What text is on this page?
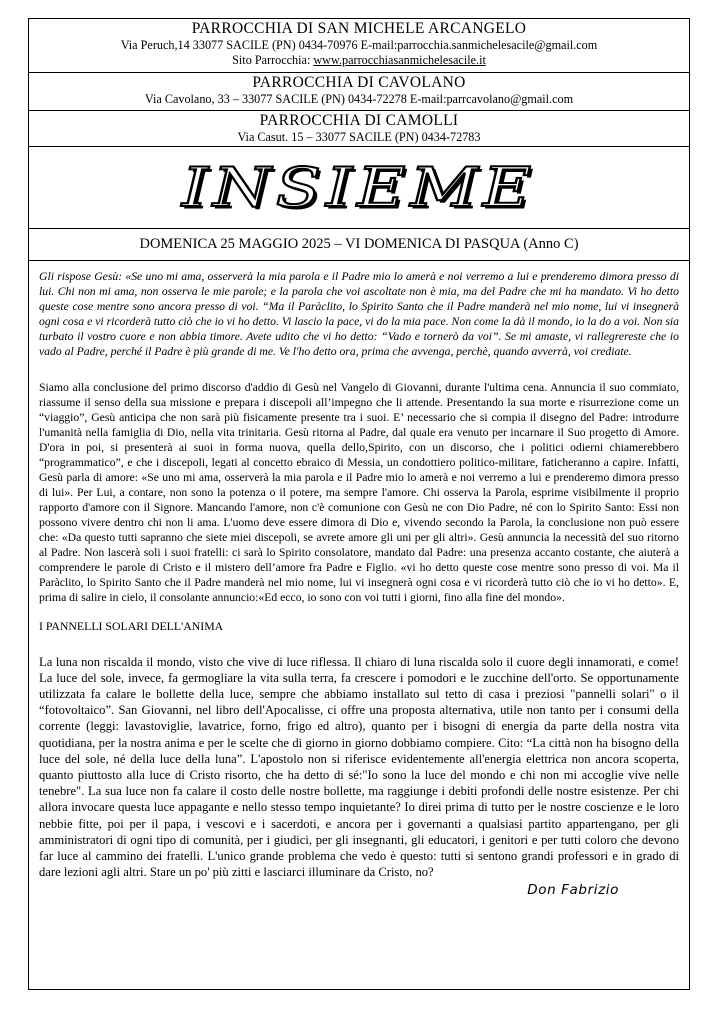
PARROCCHIA DI SAN MICHELE ARCANGELO
Via Peruch,14 33077 SACILE (PN) 0434-70976 E-mail:parrocchia.sanmichelesacile@gmail.com
Sito Parrocchia: www.parrocchiasanmichelesacile.it
PARROCCHIA DI CAVOLANO
Via Cavolano, 33 – 33077 SACILE (PN) 0434-72278 E-mail:parrcavolano@gmail.com
PARROCCHIA DI CAMOLLI
Via Casut. 15 – 33077 SACILE (PN) 0434-72783
INSIEME
DOMENICA 25 MAGGIO 2025 – VI DOMENICA DI PASQUA (Anno C)

Gli rispose Gesù: «Se uno mi ama, osserverà la mia parola e il Padre mio lo amerà e noi verremo a lui e prenderemo dimora presso di lui. Chi non mi ama, non osserva le mie parole; e la parola che voi ascoltate non è mia, ma del Padre che mi ha mandato. Vi ho detto queste cose mentre sono ancora presso di voi. “Ma il Paràclito, lo Spirito Santo che il Padre manderà nel mio nome, lui vi insegnerà ogni cosa e vi ricorderà tutto ciò che io vi ho detto. Vi lascio la pace, vi do la mia pace. Non come la dà il mondo, io la do a voi. Non sia turbato il vostro cuore e non abbia timore. Avete udito che vi ho detto: “Vado e tornerò da voi”. Se mi amaste, vi rallegrereste che io vado al Padre, perché il Padre è più grande di me. Ve l'ho detto ora, prima che avvenga, perchè, quando avverrà, voi crediate.

Siamo alla conclusione del primo discorso d'addio di Gesù nel Vangelo di Giovanni, durante l'ultima cena. Annuncia il suo commiato, riassume il senso della sua missione e prepara i discepoli all’impegno che li attende. Presentando la sua morte e risurrezione come un “viaggio”, Gesù anticipa che non sarà più fisicamente presente tra i suoi. E’ necessario che si compia il disegno del Padre: introdurre l'umanità nella famiglia di Dio, nella vita trinitaria. Gesù ritorna al Padre, dal quale era venuto per incarnare il Suo progetto di Amore. D'ora in poi, si presenterà ai suoi in forma nuova, quella dello,Spirito, con un discorso, che i politici odierni chiamerebbero “programmatico”, e che i discepoli, legati al concetto ebraico di Messia, un condottiero politico-militare, faticheranno a capire. Infatti, Gesù parla di amore: «Se uno mi ama, osserverà la mia parola e il Padre mio lo amerà e noi verremo a lui e prenderemo dimora presso di lui». Per Lui, a contare, non sono la potenza o il potere, ma sempre l'amore. Chi osserva la Parola, esprime visibilmente il proprio rapporto d'amore con il Signore. Mancando l'amore, non c'è comunione con Gesù ne con Dio Padre, né con lo Spirito Santo: Essi non possono vivere dentro chi non li ama. L'uomo deve essere dimora di Dio e, vivendo secondo la Parola, la conclusione non può essere che: «Da questo tutti sapranno che siete miei discepoli, se avrete amore gli uni per gli altri». Gesù annuncia la necessità del suo ritorno al Padre. Non lascerà soli i suoi fratelli: ci sarà lo Spirito consolatore, mandato dal Padre: una presenza accanto costante, che aiuterà a comprendere le parole di Cristo e il mistero dell’amore fra Padre e Figlio. «vi ho detto queste cose mentre sono presso di voi. Ma il Paràclito, lo Spirito Santo che il Padre manderà nel mio nome, lui vi insegnerà ogni cosa e vi ricorderà tutto ciò che io vi ho detto». E, prima di salire in cielo, il consolante annuncio:«Ed ecco, io sono con voi tutti i giorni, fino alla fine del mondo».

I PANNELLI SOLARI DELL'ANIMA

La luna non riscalda il mondo, visto che vive di luce riflessa. Il chiaro di luna riscalda solo il cuore degli innamorati, e come! La luce del sole, invece, fa germogliare la vita sulla terra, fa crescere i pomodori e le zucchine dell'orto. Se opportunamente utilizzata fa calare le bollette della luce, sempre che abbiamo installato sul tetto di casa i preziosi "pannelli solari" o il “fotovoltaico”. San Giovanni, nel libro dell'Apocalisse, ci offre una proposta alternativa, utile non tanto per i consumi della corrente (leggi: lavastoviglie, lavatrice, forno, frigo ed altro), quanto per i bisogni di energia da parte della nostra vita quotidiana, per la nostra anima e per le scelte che di giorno in giorno dobbiamo compiere. Cito: “La città non ha bisogno della luce del sole, né della luce della luna”. L'apostolo non si riferisce evidentemente all'energia elettrica non ancora scoperta, quanto piuttosto alla luce di Cristo risorto, che ha detto di sé:"Io sono la luce del mondo e chi non mi accoglie vive nelle tenebre". La sua luce non fa calare il costo delle nostre bollette, ma raggiunge i debiti profondi delle nostre esistenze. Per chi allora invocare questa luce appagante e nello stesso tempo inquietante? Io direi prima di tutto per le nostre coscienze e le loro nebbie fitte, poi per il papa, i vescovi e i sacerdoti, e ancora per i governanti a qualsiasi partito appartengano, per gli amministratori di ogni tipo di comunità, per i giudici, per gli insegnanti, gli educatori, i genitori e per tutti coloro che devono far luce al cammino dei fratelli. L'unico grande problema che vedo è questo: tutti si sentono grandi professori e in grado di dare lezioni agli altri. Stare un po' più zitti e lasciarci illuminare da Cristo, no?

Don Fabrizio
